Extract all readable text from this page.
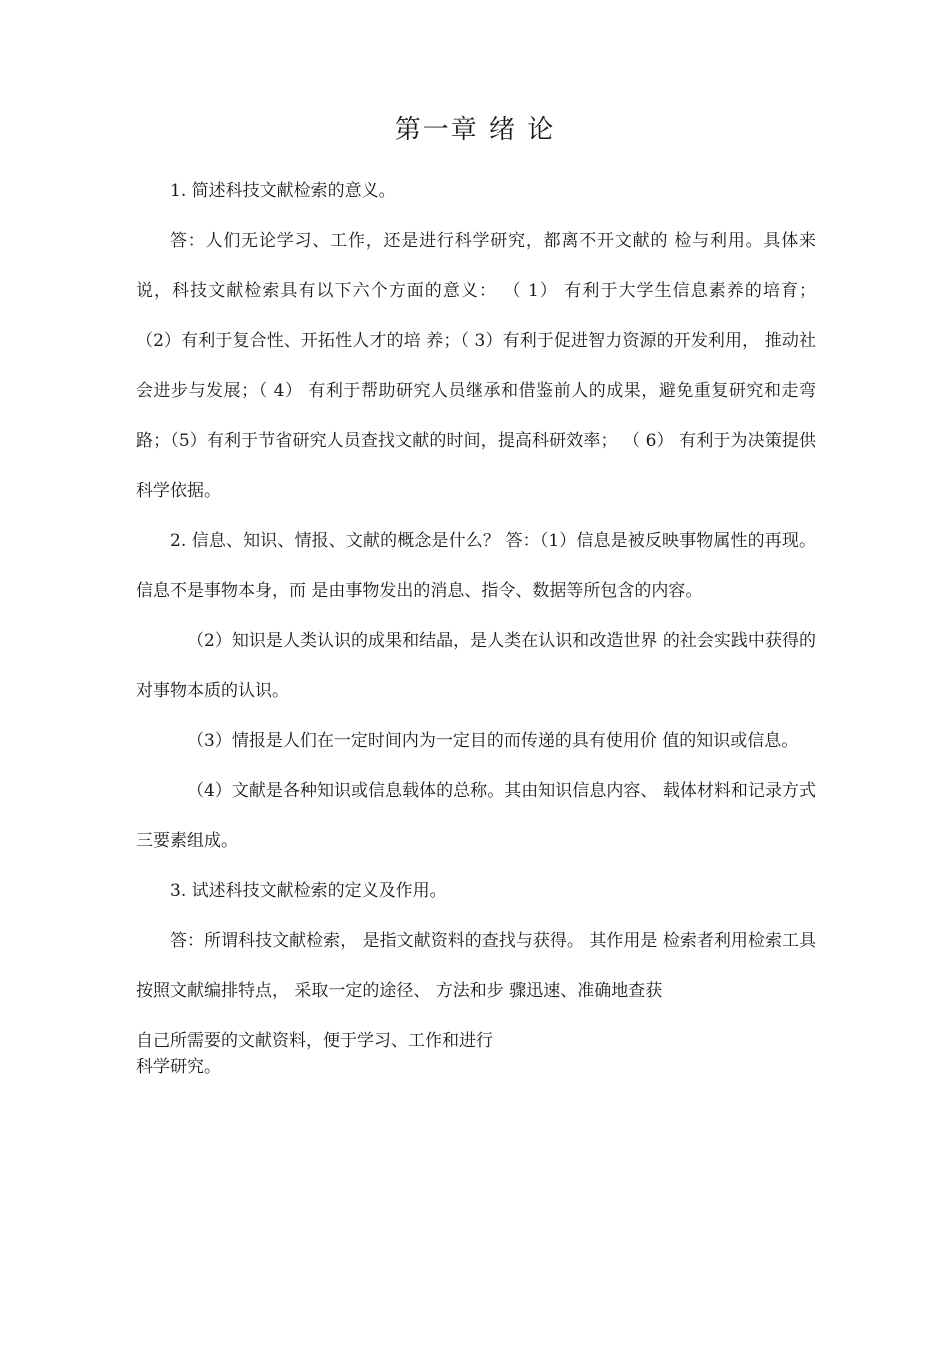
第一章 绪 论

1. 简述科技文献检索的意义。

答：人们无论学习、工作，还是进行科学研究，都离不开文献的 检与利用。具体来说，科技文献检索具有以下六个方面的意义： （ 1） 有利于大学生信息素养的培育； （2）有利于复合性、开拓性人才的培 养；（ 3）有利于促进智力资源的开发利用， 推动社会进步与发展；（ 4） 有利于帮助研究人员继承和借鉴前人的成果，避免重复研究和走弯 路；（5）有利于节省研究人员查找文献的时间，提高科研效率； （ 6） 有利于为决策提供科学依据。

2. 信息、知识、情报、文献的概念是什么？ 答：（1）信息是被反映事物属性的再现。信息不是事物本身，而 是由事物发出的消息、指令、数据等所包含的内容。

（2）知识是人类认识的成果和结晶，是人类在认识和改造世界 的社会实践中获得的对事物本质的认识。

（3）情报是人们在一定时间内为一定目的而传递的具有使用价 值的知识或信息。

（4）文献是各种知识或信息载体的总称。其由知识信息内容、 载体材料和记录方式三要素组成。

3. 试述科技文献检索的定义及作用。

答：所谓科技文献检索， 是指文献资料的查找与获得。 其作用是 检索者利用检索工具按照文献编排特点， 采取一定的途径、 方法和步 骤迅速、准确地查获

自己所需要的文献资料，便于学习、工作和进行

科学研究。
